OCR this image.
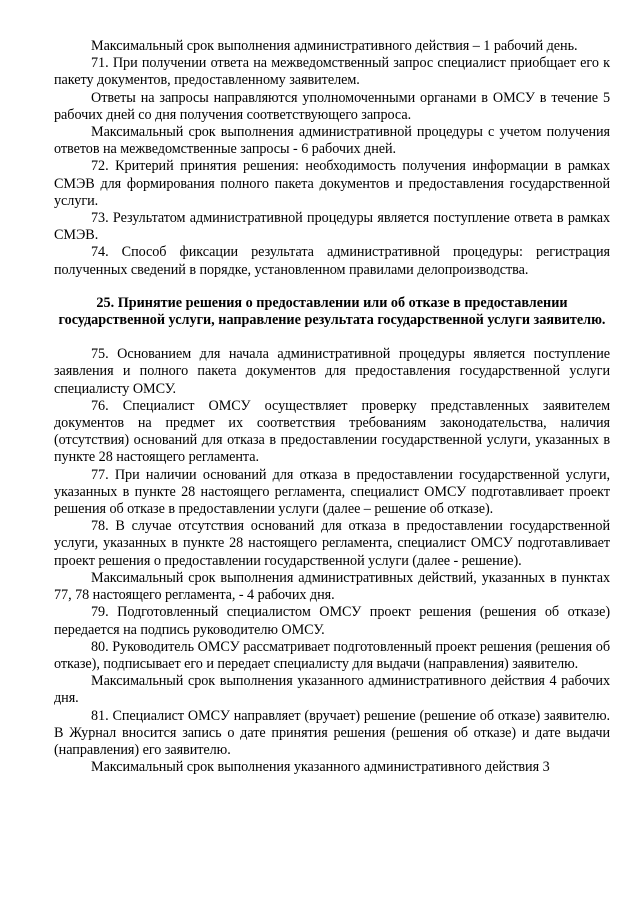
Максимальный срок выполнения административного действия – 1 рабочий день.

71. При получении ответа на межведомственный запрос специалист приобщает его к пакету документов, предоставленному заявителем.

Ответы на запросы направляются уполномоченными органами в ОМСУ в течение 5 рабочих дней со дня получения соответствующего запроса.

Максимальный срок выполнения административной процедуры с учетом получения ответов на межведомственные запросы - 6 рабочих дней.

72. Критерий принятия решения: необходимость получения информации в рамках СМЭВ для формирования полного пакета документов и предоставления государственной услуги.

73. Результатом административной процедуры является поступление ответа в рамках СМЭВ.

74. Способ фиксации результата административной процедуры: регистрация полученных сведений в порядке, установленном правилами делопроизводства.

25. Принятие решения о предоставлении или об отказе в предоставлении государственной услуги, направление результата государственной услуги заявителю.

75. Основанием для начала административной процедуры является поступление заявления и полного пакета документов для предоставления государственной услуги специалисту ОМСУ.

76. Специалист ОМСУ осуществляет проверку представленных заявителем документов на предмет их соответствия требованиям законодательства, наличия (отсутствия) оснований для отказа в предоставлении государственной услуги, указанных в пункте 28 настоящего регламента.

77. При наличии оснований для отказа в предоставлении государственной услуги, указанных в пункте 28 настоящего регламента, специалист ОМСУ подготавливает проект решения об отказе в предоставлении услуги (далее – решение об отказе).

78. В случае отсутствия оснований для отказа в предоставлении государственной услуги, указанных в пункте 28 настоящего регламента, специалист ОМСУ подготавливает проект решения о предоставлении государственной услуги (далее - решение).

Максимальный срок выполнения административных действий, указанных в пунктах 77, 78 настоящего регламента, - 4 рабочих дня.

79. Подготовленный специалистом ОМСУ проект решения (решения об отказе) передается на подпись руководителю ОМСУ.

80. Руководитель ОМСУ рассматривает подготовленный проект решения (решения об отказе), подписывает его и передает специалисту для выдачи (направления) заявителю.

Максимальный срок выполнения указанного административного действия 4 рабочих дня.

81. Специалист ОМСУ направляет (вручает) решение (решение об отказе) заявителю. В Журнал вносится запись о дате принятия решения (решения об отказе) и дате выдачи (направления) его заявителю.

Максимальный срок выполнения указанного административного действия 3
